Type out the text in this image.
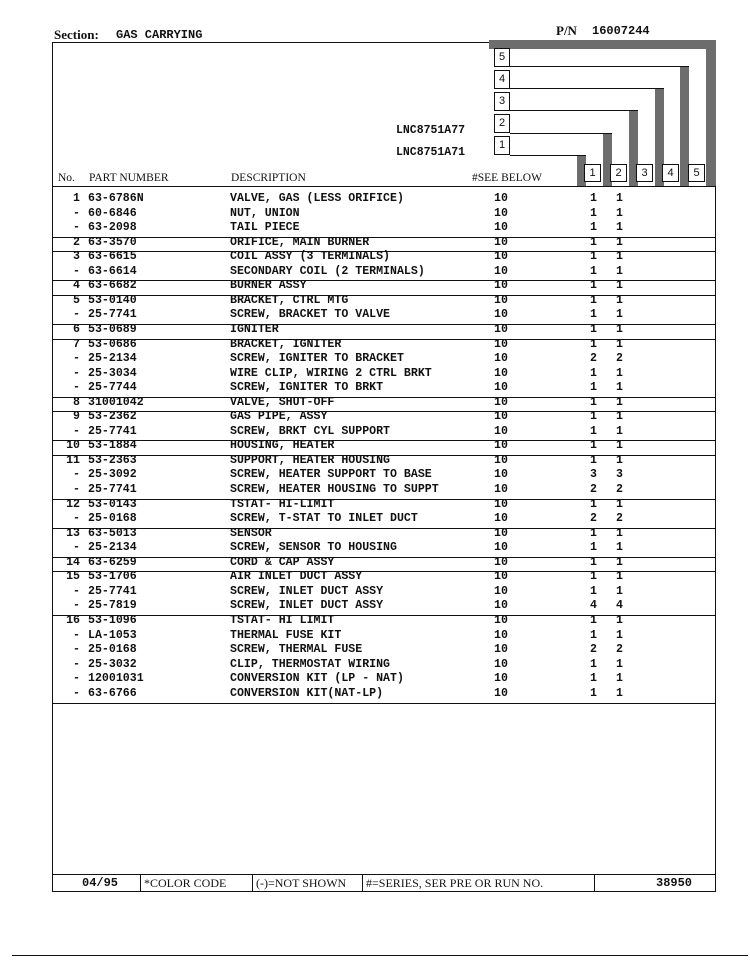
Section: GAS CARRYING	P/N 16007244
5
4
3
2
1
1	2	3	4	5
LNC8751A77
LNC8751A71
No. PART NUMBER	DESCRIPTION	#SEE BELOW
1 63-6786N	VALVE, GAS (LESS ORIFICE)	10	1 1
- 60-6846	NUT, UNION	10	1 1
- 63-2098	TAIL PIECE	10	1 1
2 63-3570	ORIFICE, MAIN BURNER	10	1 1
3 63-6615	COIL ASSY (3 TERMINALS)	10	1 1
- 63-6614	SECONDARY COIL (2 TERMINALS)	10	1 1
4 63-6682	BURNER ASSY	10	1 1
5 53-0140	BRACKET, CTRL MTG	10	1 1
- 25-7741	SCREW, BRACKET TO VALVE	10	1 1
6 53-0689	IGNITER	10	1 1
7 53-0686	BRACKET, IGNITER	10	1 1
- 25-2134	SCREW, IGNITER TO BRACKET	10	2 2
- 25-3034	WIRE CLIP, WIRING 2 CTRL BRKT	10	1 1
- 25-7744	SCREW, IGNITER TO BRKT	10	1 1
8 31001042	VALVE, SHUT-OFF	10	1 1
9 53-2362	GAS PIPE, ASSY	10	1 1
- 25-7741	SCREW, BRKT CYL SUPPORT	10	1 1
10 53-1884	HOUSING, HEATER	10	1 1
11 53-2363	SUPPORT, HEATER HOUSING	10	1 1
- 25-3092	SCREW, HEATER SUPPORT TO BASE	10	3 3
- 25-7741	SCREW, HEATER HOUSING TO SUPPT	10	2 2
12 53-0143	TSTAT- HI-LIMIT	10	1 1
- 25-0168	SCREW, T-STAT TO INLET DUCT	10	2 2
13 63-5013	SENSOR	10	1 1
- 25-2134	SCREW, SENSOR TO HOUSING	10	1 1
14 63-6259	CORD & CAP ASSY	10	1 1
15 53-1706	AIR INLET DUCT ASSY	10	1 1
- 25-7741	SCREW, INLET DUCT ASSY	10	1 1
- 25-7819	SCREW, INLET DUCT ASSY	10	4 4
16 53-1096	TSTAT- HI LIMIT	10	1 1
- LA-1053	THERMAL FUSE KIT	10	1 1
- 25-0168	SCREW, THERMAL FUSE	10	2 2
- 25-3032	CLIP, THERMOSTAT WIRING	10	1 1
- 12001031	CONVERSION KIT (LP - NAT)	10	1 1
- 63-6766	CONVERSION KIT(NAT-LP)	10	1 1
04/95 *COLOR CODE (-)=NOT SHOWN #=SERIES, SER PRE OR RUN NO.	38950
